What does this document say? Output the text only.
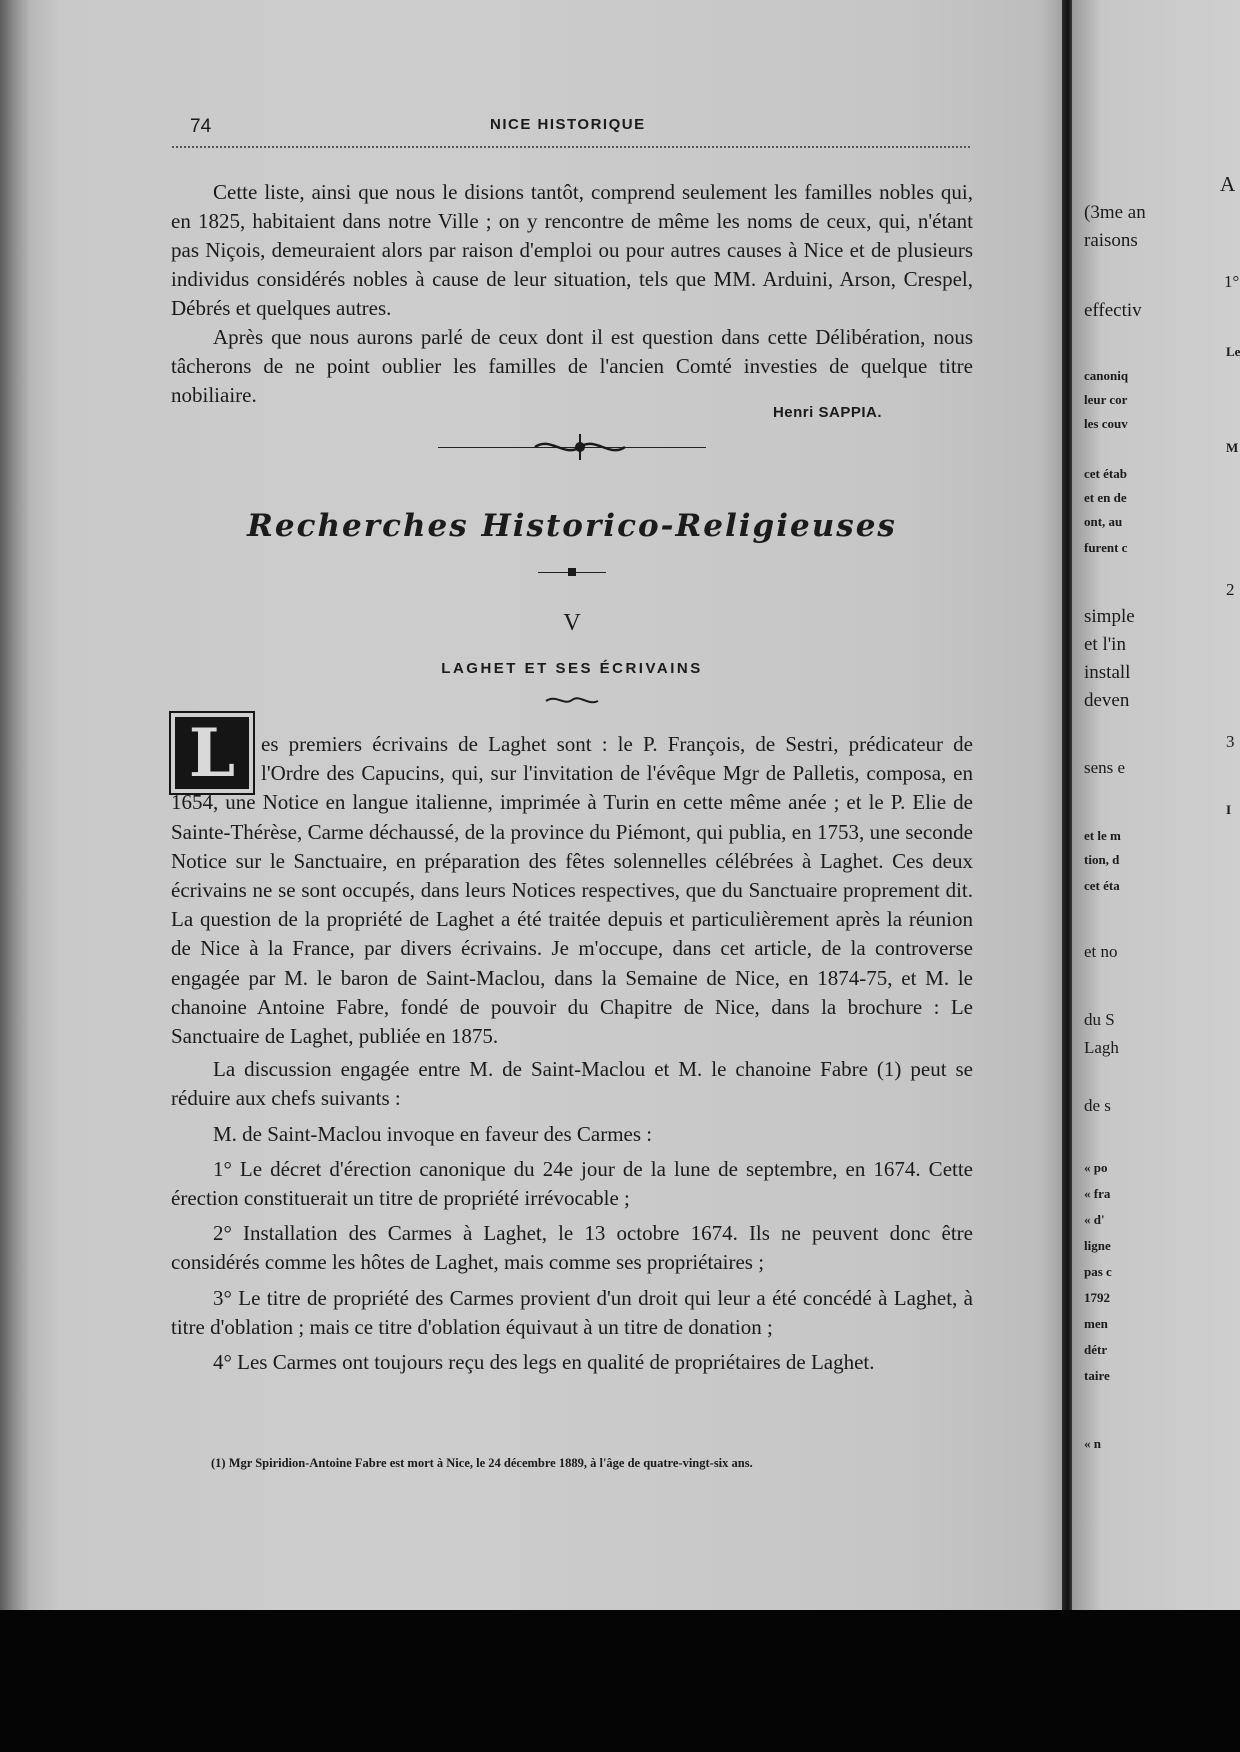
A
(3me an
raisons
1°
effectiv
Le
canoniq
leur cor
les couv
M
cet étab
et en de
ont, au
furent c
2
simple
et l'in
install
deven
3
sens e
I
et le m
tion, d
cet éta
et no
du S
Lagh
de s
« po
« fra
« d'
ligne
pas c
1792
men
détr
taire
« n
74	NICE HISTORIQUE

Cette liste, ainsi que nous le disions tantôt, comprend seulement les familles nobles qui, en 1825, habitaient dans notre Ville ; on y rencontre de même les noms de ceux, qui, n'étant pas Niçois, demeuraient alors par raison d'emploi ou pour autres causes à Nice et de plusieurs individus considérés nobles à cause de leur situation, tels que MM. Arduini, Arson, Crespel, Débrés et quelques autres.

Après que nous aurons parlé de ceux dont il est question dans cette Délibération, nous tâcherons de ne point oublier les familles de l'ancien Comté investies de quelque titre nobiliaire.

Henri SAPPIA.
Recherches Historico-Religieuses
V
LAGHET ET SES ÉCRIVAINS
L	es premiers écrivains de Laghet sont : le P. François, de Sestri, prédicateur de l'Ordre des Capucins, qui, sur l'invitation de l'évêque Mgr de Palletis, composa, en 1654, une Notice en langue italienne, imprimée à Turin en cette même anée ; et le P. Elie de Sainte-Thérèse, Carme déchaussé, de la province du Piémont, qui publia, en 1753, une seconde Notice sur le Sanctuaire, en préparation des fêtes solennelles célébrées à Laghet. Ces deux écrivains ne se sont occupés, dans leurs Notices respectives, que du Sanctuaire proprement dit. La question de la propriété de Laghet a été traitée depuis et particulièrement après la réunion de Nice à la France, par divers écrivains. Je m'occupe, dans cet article, de la controverse engagée par M. le baron de Saint-Maclou, dans la Semaine de Nice, en 1874-75, et M. le chanoine Antoine Fabre, fondé de pouvoir du Chapitre de Nice, dans la brochure : Le Sanctuaire de Laghet, publiée en 1875.
La discussion engagée entre M. de Saint-Maclou et M. le chanoine Fabre (1) peut se réduire aux chefs suivants :
M. de Saint-Maclou invoque en faveur des Carmes :
1° Le décret d'érection canonique du 24e jour de la lune de septembre, en 1674. Cette érection constituerait un titre de propriété irrévocable ;
2° Installation des Carmes à Laghet, le 13 octobre 1674. Ils ne peuvent donc être considérés comme les hôtes de Laghet, mais comme ses propriétaires ;
3° Le titre de propriété des Carmes provient d'un droit qui leur a été concédé à Laghet, à titre d'oblation ; mais ce titre d'oblation équivaut à un titre de donation ;
4° Les Carmes ont toujours reçu des legs en qualité de propriétaires de Laghet.
(1) Mgr Spiridion-Antoine Fabre est mort à Nice, le 24 décembre 1889, à l'âge de quatre-vingt-six ans.
